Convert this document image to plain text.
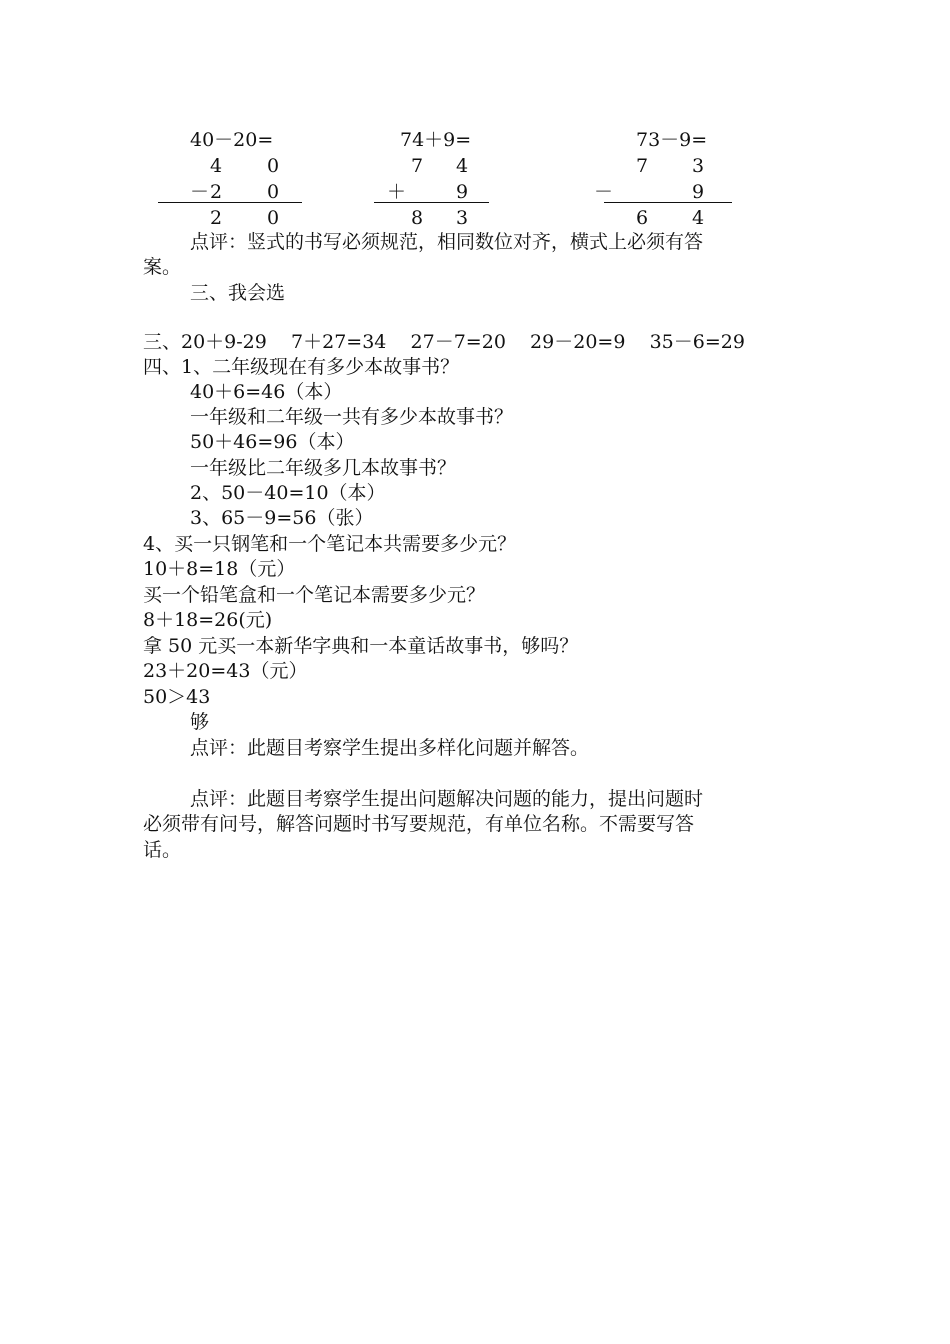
40－20=
4 0
－ 2 0
2 0
74＋9=
7 4
＋	9
8 3
73－9=
7 3
－	9
6 4
点评：竖式的书写必须规范，相同数位对齐，横式上必须有答
案。
三、我会选
三、20＋9-29    7＋27=34    27－7=20    29－20=9    35－6=29
四、1、二年级现在有多少本故事书？
40＋6=46（本）
一年级和二年级一共有多少本故事书？
50＋46=96（本）
一年级比二年级多几本故事书？
2、50－40=10（本）
3、65－9=56（张）
4、买一只钢笔和一个笔记本共需要多少元？
10＋8=18（元）
买一个铅笔盒和一个笔记本需要多少元？
8＋18=26(元)
拿 50 元买一本新华字典和一本童话故事书，够吗？
23＋20=43（元）
50＞43
够
点评：此题目考察学生提出多样化问题并解答。
点评：此题目考察学生提出问题解决问题的能力，提出问题时
必须带有问号，解答问题时书写要规范，有单位名称。不需要写答
话。
